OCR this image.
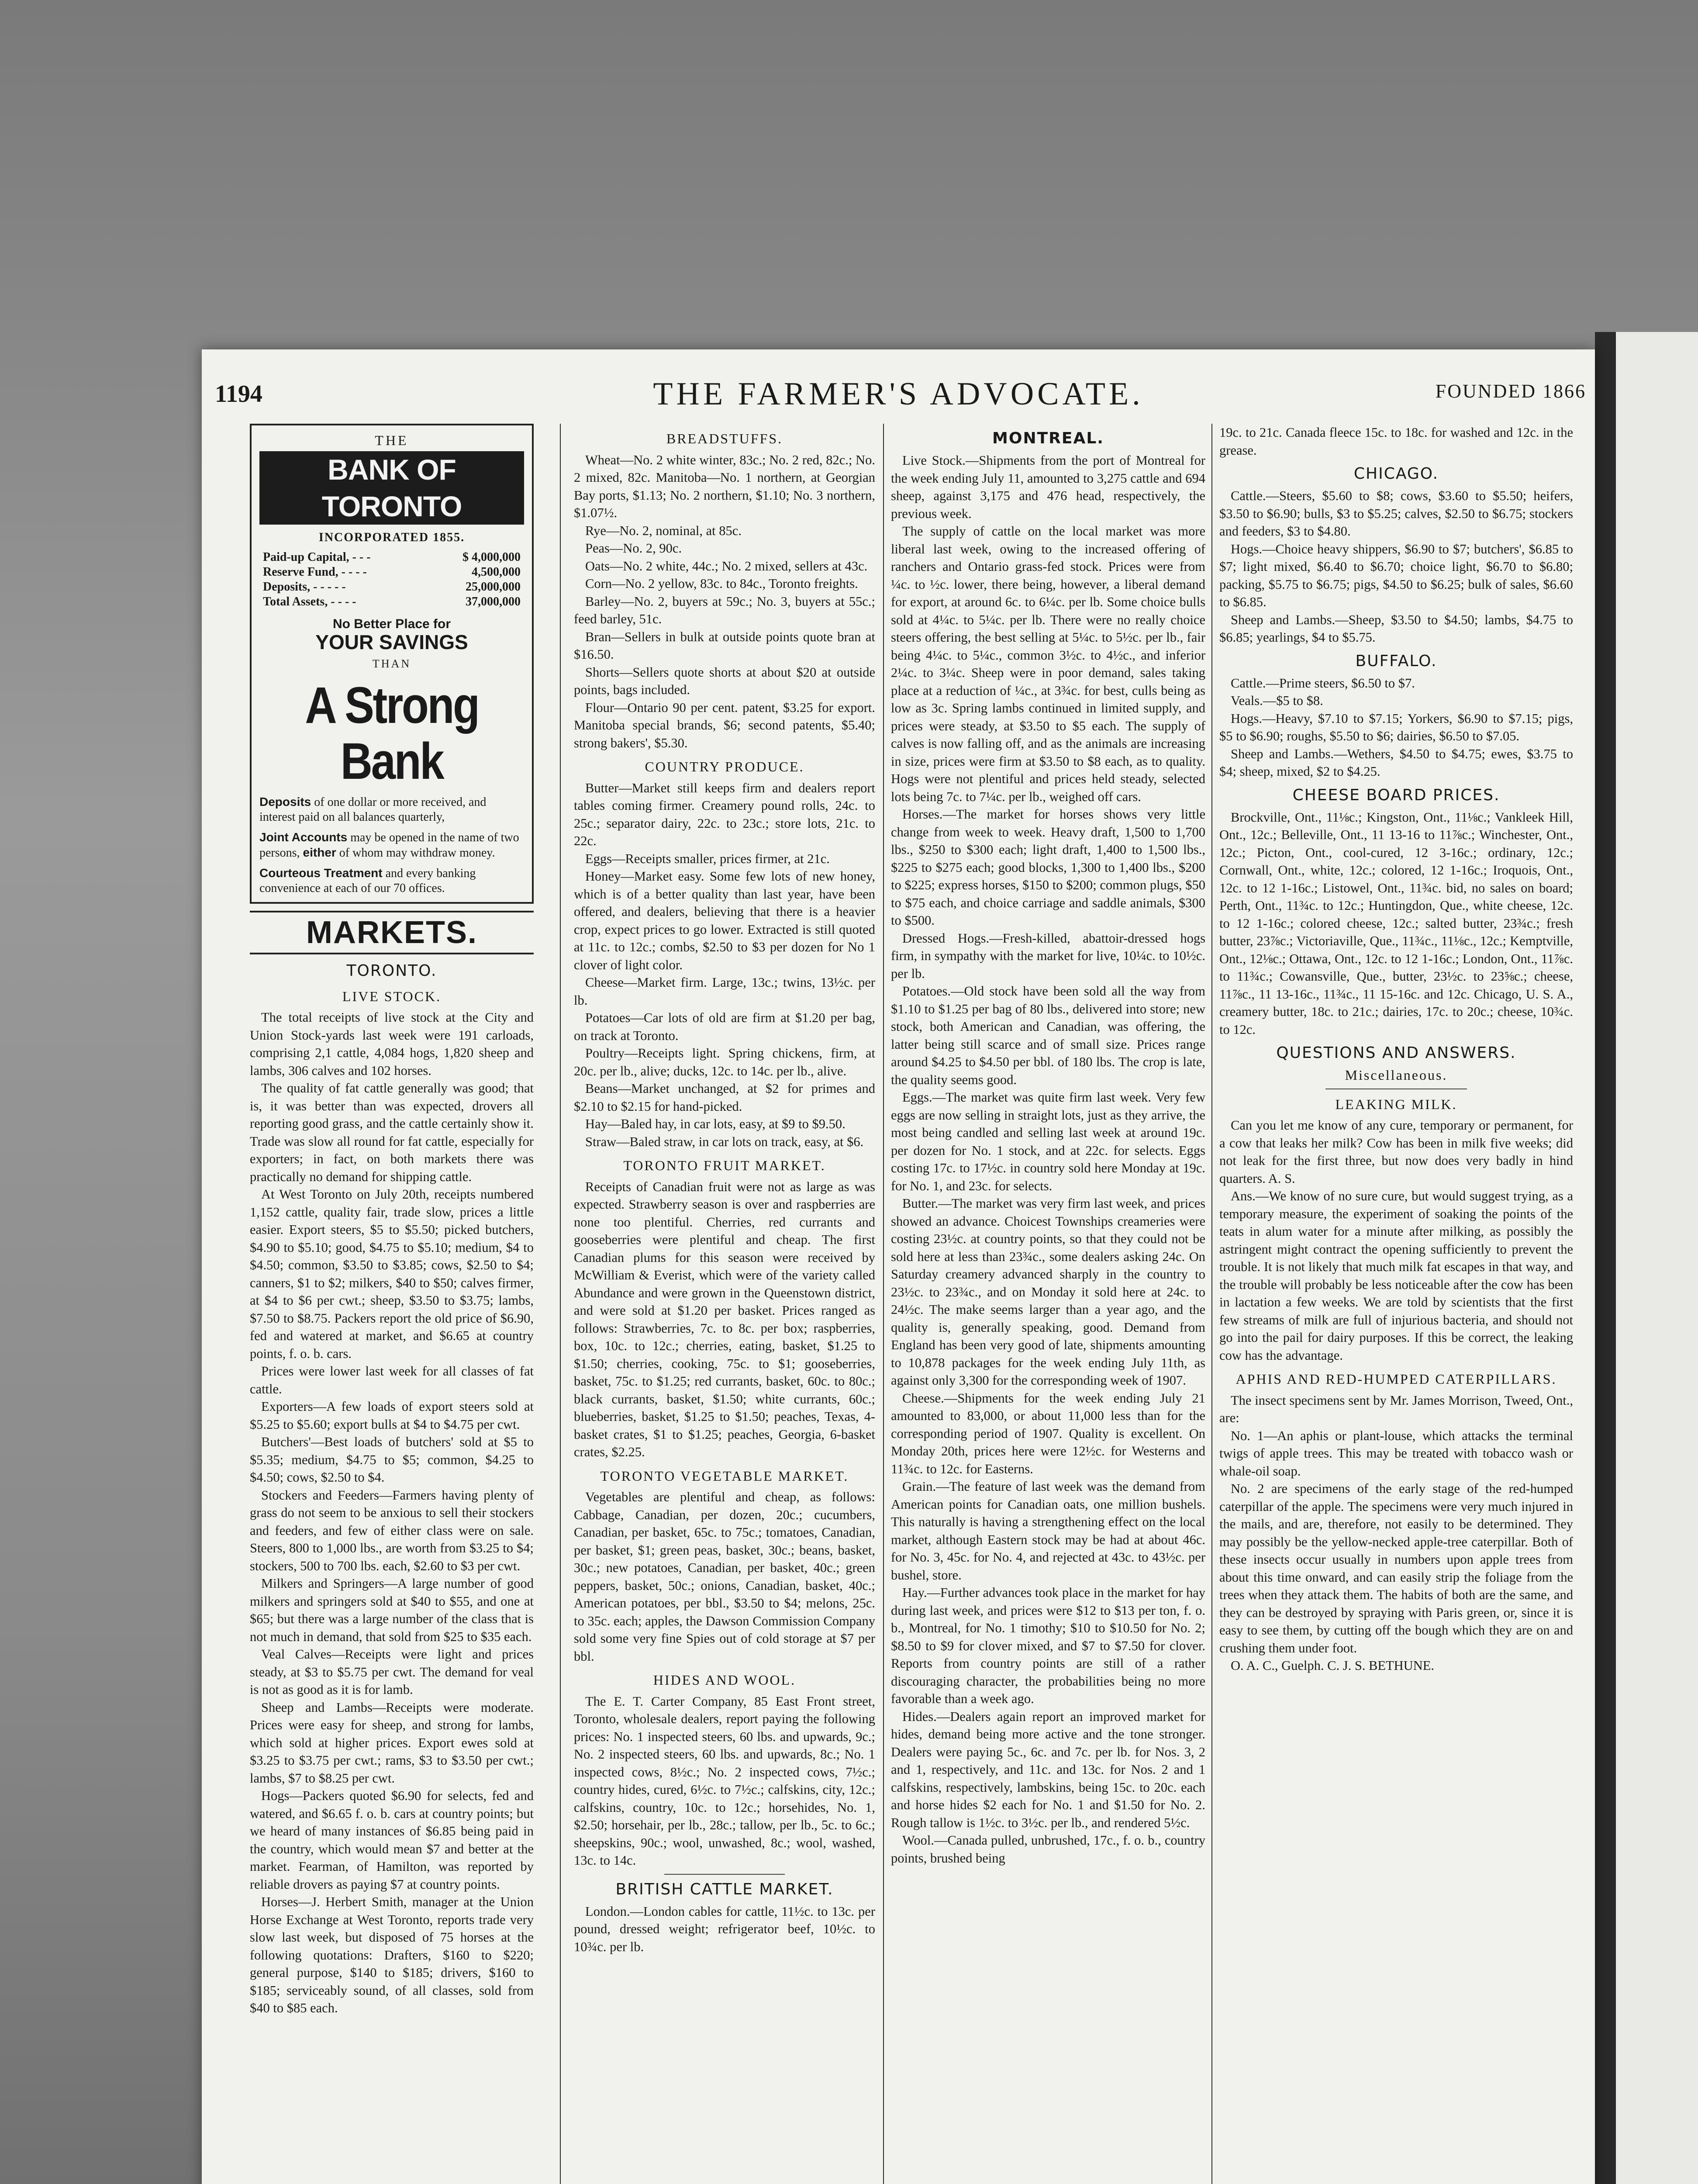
1194	THE FARMER'S ADVOCATE.	FOUNDED 1866
THE
BANK OF TORONTO
INCORPORATED 1855.
Paid-up Capital, - - -	$ 4,000,000
Reserve Fund, - - - -	4,500,000
Deposits, - - - - -	25,000,000
Total Assets, - - - -	37,000,000
No Better Place for
YOUR SAVINGS
THAN
A Strong Bank
Deposits of one dollar or more received, and interest paid on all balances quarterly,
Joint Accounts may be opened in the name of two persons, either of whom may withdraw money.
Courteous Treatment and every banking convenience at each of our 70 offices.
MARKETS.
TORONTO.
LIVE STOCK.

The total receipts of live stock at the City and Union Stock-yards last week were 191 carloads, comprising 2,1 cattle, 4,084 hogs, 1,820 sheep and lambs, 306 calves and 102 horses.

The quality of fat cattle generally was good; that is, it was better than was expected, drovers all reporting good grass, and the cattle certainly show it. Trade was slow all round for fat cattle, especially for exporters; in fact, on both markets there was practically no demand for shipping cattle.

At West Toronto on July 20th, receipts numbered 1,152 cattle, quality fair, trade slow, prices a little easier. Export steers, $5 to $5.50; picked butchers, $4.90 to $5.10; good, $4.75 to $5.10; medium, $4 to $4.50; common, $3.50 to $3.85; cows, $2.50 to $4; canners, $1 to $2; milkers, $40 to $50; calves firmer, at $4 to $6 per cwt.; sheep, $3.50 to $3.75; lambs, $7.50 to $8.75. Packers report the old price of $6.90, fed and watered at market, and $6.65 at country points, f. o. b. cars.

Prices were lower last week for all classes of fat cattle.

Exporters—A few loads of export steers sold at $5.25 to $5.60; export bulls at $4 to $4.75 per cwt.

Butchers'—Best loads of butchers' sold at $5 to $5.35; medium, $4.75 to $5; common, $4.25 to $4.50; cows, $2.50 to $4.

Stockers and Feeders—Farmers having plenty of grass do not seem to be anxious to sell their stockers and feeders, and few of either class were on sale. Steers, 800 to 1,000 lbs., are worth from $3.25 to $4; stockers, 500 to 700 lbs. each, $2.60 to $3 per cwt.

Milkers and Springers—A large number of good milkers and springers sold at $40 to $55, and one at $65; but there was a large number of the class that is not much in demand, that sold from $25 to $35 each.

Veal Calves—Receipts were light and prices steady, at $3 to $5.75 per cwt. The demand for veal is not as good as it is for lamb.

Sheep and Lambs—Receipts were moderate. Prices were easy for sheep, and strong for lambs, which sold at higher prices. Export ewes sold at $3.25 to $3.75 per cwt.; rams, $3 to $3.50 per cwt.; lambs, $7 to $8.25 per cwt.

Hogs—Packers quoted $6.90 for selects, fed and watered, and $6.65 f. o. b. cars at country points; but we heard of many instances of $6.85 being paid in the country, which would mean $7 and better at the market. Fearman, of Hamilton, was reported by reliable drovers as paying $7 at country points.

Horses—J. Herbert Smith, manager at the Union Horse Exchange at West Toronto, reports trade very slow last week, but disposed of 75 horses at the following quotations: Drafters, $160 to $220; general purpose, $140 to $185; drivers, $160 to $185; serviceably sound, of all classes, sold from $40 to $85 each.

BREADSTUFFS.

Wheat—No. 2 white winter, 83c.; No. 2 red, 82c.; No. 2 mixed, 82c. Manitoba—No. 1 northern, at Georgian Bay ports, $1.13; No. 2 northern, $1.10; No. 3 northern, $1.07½.

Rye—No. 2, nominal, at 85c.

Peas—No. 2, 90c.

Oats—No. 2 white, 44c.; No. 2 mixed, sellers at 43c.

Corn—No. 2 yellow, 83c. to 84c., Toronto freights.

Barley—No. 2, buyers at 59c.; No. 3, buyers at 55c.; feed barley, 51c.

Bran—Sellers in bulk at outside points quote bran at $16.50.

Shorts—Sellers quote shorts at about $20 at outside points, bags included.

Flour—Ontario 90 per cent. patent, $3.25 for export. Manitoba special brands, $6; second patents, $5.40; strong bakers', $5.30.

COUNTRY PRODUCE.

Butter—Market still keeps firm and dealers report tables coming firmer. Creamery pound rolls, 24c. to 25c.; separator dairy, 22c. to 23c.; store lots, 21c. to 22c.

Eggs—Receipts smaller, prices firmer, at 21c.

Honey—Market easy. Some few lots of new honey, which is of a better quality than last year, have been offered, and dealers, believing that there is a heavier crop, expect prices to go lower. Extracted is still quoted at 11c. to 12c.; combs, $2.50 to $3 per dozen for No 1 clover of light color.

Cheese—Market firm. Large, 13c.; twins, 13½c. per lb.

Potatoes—Car lots of old are firm at $1.20 per bag, on track at Toronto.

Poultry—Receipts light. Spring chickens, firm, at 20c. per lb., alive; ducks, 12c. to 14c. per lb., alive.

Beans—Market unchanged, at $2 for primes and $2.10 to $2.15 for hand-picked.

Hay—Baled hay, in car lots, easy, at $9 to $9.50.

Straw—Baled straw, in car lots on track, easy, at $6.

TORONTO FRUIT MARKET.

Receipts of Canadian fruit were not as large as was expected. Strawberry season is over and raspberries are none too plentiful. Cherries, red currants and gooseberries were plentiful and cheap. The first Canadian plums for this season were received by McWilliam & Everist, which were of the variety called Abundance and were grown in the Queenstown district, and were sold at $1.20 per basket. Prices ranged as follows: Strawberries, 7c. to 8c. per box; raspberries, box, 10c. to 12c.; cherries, eating, basket, $1.25 to $1.50; cherries, cooking, 75c. to $1; gooseberries, basket, 75c. to $1.25; red currants, basket, 60c. to 80c.; black currants, basket, $1.50; white currants, 60c.; blueberries, basket, $1.25 to $1.50; peaches, Texas, 4-basket crates, $1 to $1.25; peaches, Georgia, 6-basket crates, $2.25.

TORONTO VEGETABLE MARKET.

Vegetables are plentiful and cheap, as follows: Cabbage, Canadian, per dozen, 20c.; cucumbers, Canadian, per basket, 65c. to 75c.; tomatoes, Canadian, per basket, $1; green peas, basket, 30c.; beans, basket, 30c.; new potatoes, Canadian, per basket, 40c.; green peppers, basket, 50c.; onions, Canadian, basket, 40c.; American potatoes, per bbl., $3.50 to $4; melons, 25c. to 35c. each; apples, the Dawson Commission Company sold some very fine Spies out of cold storage at $7 per bbl.

HIDES AND WOOL.

The E. T. Carter Company, 85 East Front street, Toronto, wholesale dealers, report paying the following prices: No. 1 inspected steers, 60 lbs. and upwards, 9c.; No. 2 inspected steers, 60 lbs. and upwards, 8c.; No. 1 inspected cows, 8½c.; No. 2 inspected cows, 7½c.; country hides, cured, 6½c. to 7½c.; calfskins, city, 12c.; calfskins, country, 10c. to 12c.; horsehides, No. 1, $2.50; horsehair, per lb., 28c.; tallow, per lb., 5c. to 6c.; sheepskins, 90c.; wool, unwashed, 8c.; wool, washed, 13c. to 14c.

BRITISH CATTLE MARKET.

London.—London cables for cattle, 11½c. to 13c. per pound, dressed weight; refrigerator beef, 10½c. to 10¾c. per lb.

MONTREAL.

Live Stock.—Shipments from the port of Montreal for the week ending July 11, amounted to 3,275 cattle and 694 sheep, against 3,175 and 476 head, respectively, the previous week.

The supply of cattle on the local market was more liberal last week, owing to the increased offering of ranchers and Ontario grass-fed stock. Prices were from ¼c. to ½c. lower, there being, however, a liberal demand for export, at around 6c. to 6¼c. per lb. Some choice bulls sold at 4¼c. to 5¼c. per lb. There were no really choice steers offering, the best selling at 5¼c. to 5½c. per lb., fair being 4¼c. to 5¼c., common 3½c. to 4½c., and inferior 2¼c. to 3¼c. Sheep were in poor demand, sales taking place at a reduction of ¼c., at 3¾c. for best, culls being as low as 3c. Spring lambs continued in limited supply, and prices were steady, at $3.50 to $5 each. The supply of calves is now falling off, and as the animals are increasing in size, prices were firm at $3.50 to $8 each, as to quality. Hogs were not plentiful and prices held steady, selected lots being 7c. to 7¼c. per lb., weighed off cars.

Horses.—The market for horses shows very little change from week to week. Heavy draft, 1,500 to 1,700 lbs., $250 to $300 each; light draft, 1,400 to 1,500 lbs., $225 to $275 each; good blocks, 1,300 to 1,400 lbs., $200 to $225; express horses, $150 to $200; common plugs, $50 to $75 each, and choice carriage and saddle animals, $300 to $500.

Dressed Hogs.—Fresh-killed, abattoir-dressed hogs firm, in sympathy with the market for live, 10¼c. to 10½c. per lb.

Potatoes.—Old stock have been sold all the way from $1.10 to $1.25 per bag of 80 lbs., delivered into store; new stock, both American and Canadian, was offering, the latter being still scarce and of small size. Prices range around $4.25 to $4.50 per bbl. of 180 lbs. The crop is late, the quality seems good.

Eggs.—The market was quite firm last week. Very few eggs are now selling in straight lots, just as they arrive, the most being candled and selling last week at around 19c. per dozen for No. 1 stock, and at 22c. for selects. Eggs costing 17c. to 17½c. in country sold here Monday at 19c. for No. 1, and 23c. for selects.

Butter.—The market was very firm last week, and prices showed an advance. Choicest Townships creameries were costing 23½c. at country points, so that they could not be sold here at less than 23¾c., some dealers asking 24c. On Saturday creamery advanced sharply in the country to 23½c. to 23¾c., and on Monday it sold here at 24c. to 24½c. The make seems larger than a year ago, and the quality is, generally speaking, good. Demand from England has been very good of late, shipments amounting to 10,878 packages for the week ending July 11th, as against only 3,300 for the corresponding week of 1907.

Cheese.—Shipments for the week ending July 21 amounted to 83,000, or about 11,000 less than for the corresponding period of 1907. Quality is excellent. On Monday 20th, prices here were 12½c. for Westerns and 11¾c. to 12c. for Easterns.

Grain.—The feature of last week was the demand from American points for Canadian oats, one million bushels. This naturally is having a strengthening effect on the local market, although Eastern stock may be had at about 46c. for No. 3, 45c. for No. 4, and rejected at 43c. to 43½c. per bushel, store.

Hay.—Further advances took place in the market for hay during last week, and prices were $12 to $13 per ton, f. o. b., Montreal, for No. 1 timothy; $10 to $10.50 for No. 2; $8.50 to $9 for clover mixed, and $7 to $7.50 for clover. Reports from country points are still of a rather discouraging character, the probabilities being no more favorable than a week ago.

Hides.—Dealers again report an improved market for hides, demand being more active and the tone stronger. Dealers were paying 5c., 6c. and 7c. per lb. for Nos. 3, 2 and 1, respectively, and 11c. and 13c. for Nos. 2 and 1 calfskins, respectively, lambskins, being 15c. to 20c. each and horse hides $2 each for No. 1 and $1.50 for No. 2. Rough tallow is 1½c. to 3½c. per lb., and rendered 5½c.

Wool.—Canada pulled, unbrushed, 17c., f. o. b., country points, brushed being

19c. to 21c. Canada fleece 15c. to 18c. for washed and 12c. in the grease.

CHICAGO.

Cattle.—Steers, $5.60 to $8; cows, $3.60 to $5.50; heifers, $3.50 to $6.90; bulls, $3 to $5.25; calves, $2.50 to $6.75; stockers and feeders, $3 to $4.80.

Hogs.—Choice heavy shippers, $6.90 to $7; butchers', $6.85 to $7; light mixed, $6.40 to $6.70; choice light, $6.70 to $6.80; packing, $5.75 to $6.75; pigs, $4.50 to $6.25; bulk of sales, $6.60 to $6.85.

Sheep and Lambs.—Sheep, $3.50 to $4.50; lambs, $4.75 to $6.85; yearlings, $4 to $5.75.

BUFFALO.

Cattle.—Prime steers, $6.50 to $7.

Veals.—$5 to $8.

Hogs.—Heavy, $7.10 to $7.15; Yorkers, $6.90 to $7.15; pigs, $5 to $6.90; roughs, $5.50 to $6; dairies, $6.50 to $7.05.

Sheep and Lambs.—Wethers, $4.50 to $4.75; ewes, $3.75 to $4; sheep, mixed, $2 to $4.25.

CHEESE BOARD PRICES.

Brockville, Ont., 11⅛c.; Kingston, Ont., 11⅛c.; Vankleek Hill, Ont., 12c.; Belleville, Ont., 11 13-16 to 11⅞c.; Winchester, Ont., 12c.; Picton, Ont., cool-cured, 12 3-16c.; ordinary, 12c.; Cornwall, Ont., white, 12c.; colored, 12 1-16c.; Iroquois, Ont., 12c. to 12 1-16c.; Listowel, Ont., 11¾c. bid, no sales on board; Perth, Ont., 11¾c. to 12c.; Huntingdon, Que., white cheese, 12c. to 12 1-16c.; colored cheese, 12c.; salted butter, 23¾c.; fresh butter, 23⅞c.; Victoriaville, Que., 11¾c., 11⅛c., 12c.; Kemptville, Ont., 12⅛c.; Ottawa, Ont., 12c. to 12 1-16c.; London, Ont., 11⅞c. to 11¾c.; Cowansville, Que., butter, 23½c. to 23⅝c.; cheese, 11⅞c., 11 13-16c., 11¾c., 11 15-16c. and 12c. Chicago, U. S. A., creamery butter, 18c. to 21c.; dairies, 17c. to 20c.; cheese, 10¾c. to 12c.

QUESTIONS AND ANSWERS.
Miscellaneous.
LEAKING MILK.

Can you let me know of any cure, temporary or permanent, for a cow that leaks her milk? Cow has been in milk five weeks; did not leak for the first three, but now does very badly in hind quarters. A. S.

Ans.—We know of no sure cure, but would suggest trying, as a temporary measure, the experiment of soaking the points of the teats in alum water for a minute after milking, as possibly the astringent might contract the opening sufficiently to prevent the trouble. It is not likely that much milk fat escapes in that way, and the trouble will probably be less noticeable after the cow has been in lactation a few weeks. We are told by scientists that the first few streams of milk are full of injurious bacteria, and should not go into the pail for dairy purposes. If this be correct, the leaking cow has the advantage.

APHIS AND RED-HUMPED CATERPILLARS.

The insect specimens sent by Mr. James Morrison, Tweed, Ont., are:

No. 1—An aphis or plant-louse, which attacks the terminal twigs of apple trees. This may be treated with tobacco wash or whale-oil soap.

No. 2 are specimens of the early stage of the red-humped caterpillar of the apple. The specimens were very much injured in the mails, and are, therefore, not easily to be determined. They may possibly be the yellow-necked apple-tree caterpillar. Both of these insects occur usually in numbers upon apple trees from about this time onward, and can easily strip the foliage from the trees when they attack them. The habits of both are the same, and they can be destroyed by spraying with Paris green, or, since it is easy to see them, by cutting off the bough which they are on and crushing them under foot.

O. A. C., Guelph. C. J. S. BETHUNE.
